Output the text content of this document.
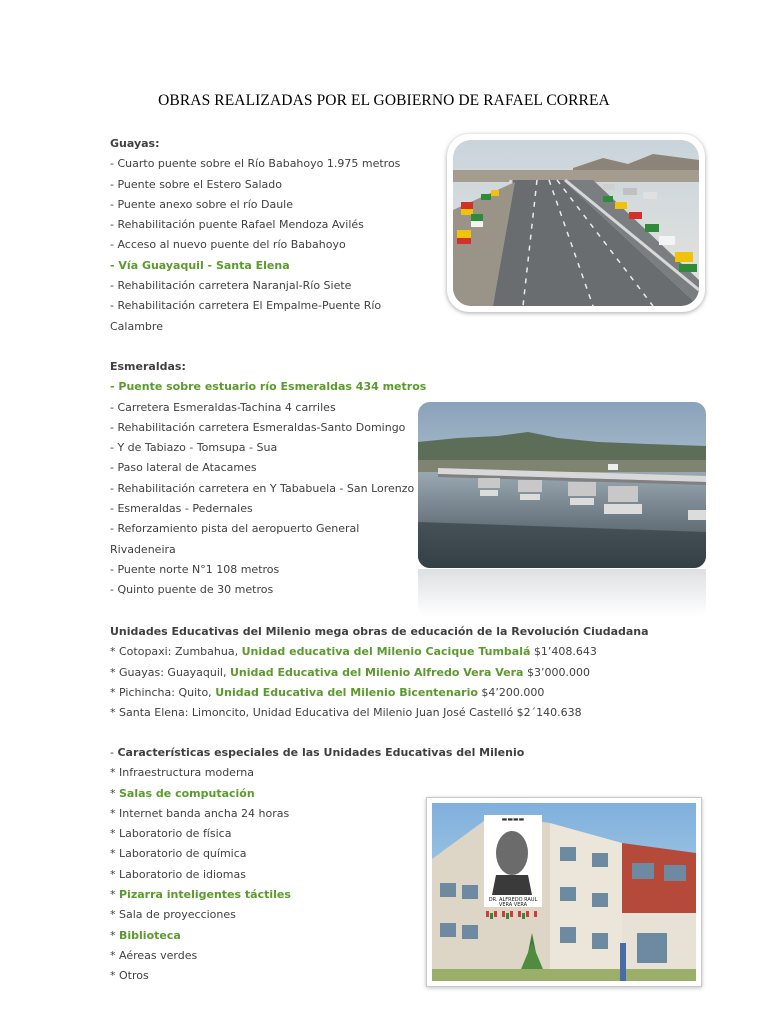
OBRAS REALIZADAS POR EL GOBIERNO DE RAFAEL CORREA
Guayas:
- Cuarto puente sobre el Río Babahoyo 1.975 metros
- Puente sobre el Estero Salado
- Puente anexo sobre el río Daule
- Rehabilitación puente Rafael Mendoza Avilés
- Acceso al nuevo puente del río Babahoyo
- Vía Guayaquil - Santa Elena
- Rehabilitación carretera Naranjal-Río Siete
- Rehabilitación carretera El Empalme-Puente Río
Calambre
Esmeraldas:
- Puente sobre estuario río Esmeraldas 434 metros
- Carretera Esmeraldas-Tachina 4 carriles
- Rehabilitación carretera Esmeraldas-Santo Domingo
- Y de Tabiazo - Tomsupa - Sua
- Paso lateral de Atacames
- Rehabilitación carretera en Y Tababuela - San Lorenzo
- Esmeraldas - Pedernales
- Reforzamiento pista del aeropuerto General
Rivadeneira
- Puente norte N°1 108 metros
- Quinto puente de 30 metros
Unidades Educativas del Milenio mega obras de educación de la Revolución Ciudadana
* Cotopaxi: Zumbahua, Unidad educativa del Milenio Cacique Tumbalá $1’408.643
* Guayas: Guayaquil, Unidad Educativa del Milenio Alfredo Vera Vera $3’000.000
* Pichincha: Quito, Unidad Educativa del Milenio Bicentenario $4’200.000
* Santa Elena: Limoncito, Unidad Educativa del Milenio Juan José Castelló $2´140.638
- Características especiales de las Unidades Educativas del Milenio
* Infraestructura moderna
* Salas de computación
* Internet banda ancha 24 horas
* Laboratorio de física
* Laboratorio de química
* Laboratorio de idiomas
* Pizarra inteligentes táctiles
* Sala de proyecciones
* Biblioteca
* Aéreas verdes
* Otros
▬▬▬▬
DR. ALFREDO RAUL
VERA VERA
